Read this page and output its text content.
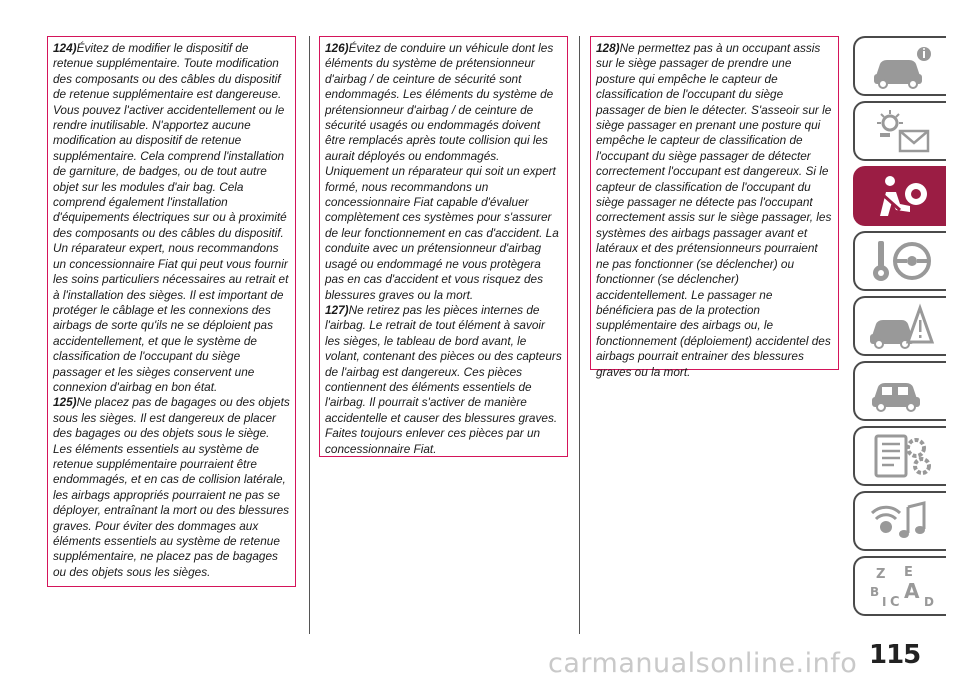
124)Évitez de modifier le dispositif de retenue supplémentaire. Toute modification des composants ou des câbles du dispositif de retenue supplémentaire est dangereuse. Vous pouvez l'activer accidentellement ou le rendre inutilisable. N'apportez aucune modification au dispositif de retenue supplémentaire. Cela comprend l'installation de garniture, de badges, ou de tout autre objet sur les modules d'air bag. Cela comprend également l'installation d'équipements électriques sur ou à proximité des composants ou des câbles du dispositif. Un réparateur expert, nous recommandons un concessionnaire Fiat qui peut vous fournir les soins particuliers nécessaires au retrait et à l'installation des sièges. Il est important de protéger le câblage et les connexions des airbags de sorte qu'ils ne se déploient pas accidentellement, et que le système de classification de l'occupant du siège passager et les sièges conservent une connexion d'airbag en bon état.

125)Ne placez pas de bagages ou des objets sous les sièges. Il est dangereux de placer des bagages ou des objets sous le siège. Les éléments essentiels au système de retenue supplémentaire pourraient être endommagés, et en cas de collision latérale, les airbags appropriés pourraient ne pas se déployer, entraînant la mort ou des blessures graves. Pour éviter des dommages aux éléments essentiels au système de retenue supplémentaire, ne placez pas de bagages ou des objets sous les sièges.

126)Évitez de conduire un véhicule dont les éléments du système de prétensionneur d'airbag / de ceinture de sécurité sont endommagés. Les éléments du système de prétensionneur d'airbag / de ceinture de sécurité usagés ou endommagés doivent être remplacés après toute collision qui les aurait déployés ou endommagés. Uniquement un réparateur qui soit un expert formé, nous recommandons un concessionnaire Fiat capable d'évaluer complètement ces systèmes pour s'assurer de leur fonctionnement en cas d'accident. La conduite avec un prétensionneur d'airbag usagé ou endommagé ne vous protègera pas en cas d'accident et vous risquez des blessures graves ou la mort.

127)Ne retirez pas les pièces internes de l'airbag. Le retrait de tout élément à savoir les sièges, le tableau de bord avant, le volant, contenant des pièces ou des capteurs de l'airbag est dangereux. Ces pièces contiennent des éléments essentiels de l'airbag. Il pourrait s'activer de manière accidentelle et causer des blessures graves. Faites toujours enlever ces pièces par un concessionnaire Fiat.

128)Ne permettez pas à un occupant assis sur le siège passager de prendre une posture qui empêche le capteur de classification de l'occupant du siège passager de bien le détecter. S'asseoir sur le siège passager en prenant une posture qui empêche le capteur de classification de l'occupant du siège passager de détecter correctement l'occupant est dangereux. Si le capteur de classification de l'occupant du siège passager ne détecte pas l'occupant correctement assis sur le siège passager, les systèmes des airbags passager avant et latéraux et des prétensionneurs pourraient ne pas fonctionner (se déclencher) ou fonctionner (se déclencher) accidentellement. Le passager ne bénéficiera pas de la protection supplémentaire des airbags ou, le fonctionnement (déploiement) accidentel des airbags pourrait entrainer des blessures graves ou la mort.

Z E
B
I C A D
115
carmanualsonline.info
